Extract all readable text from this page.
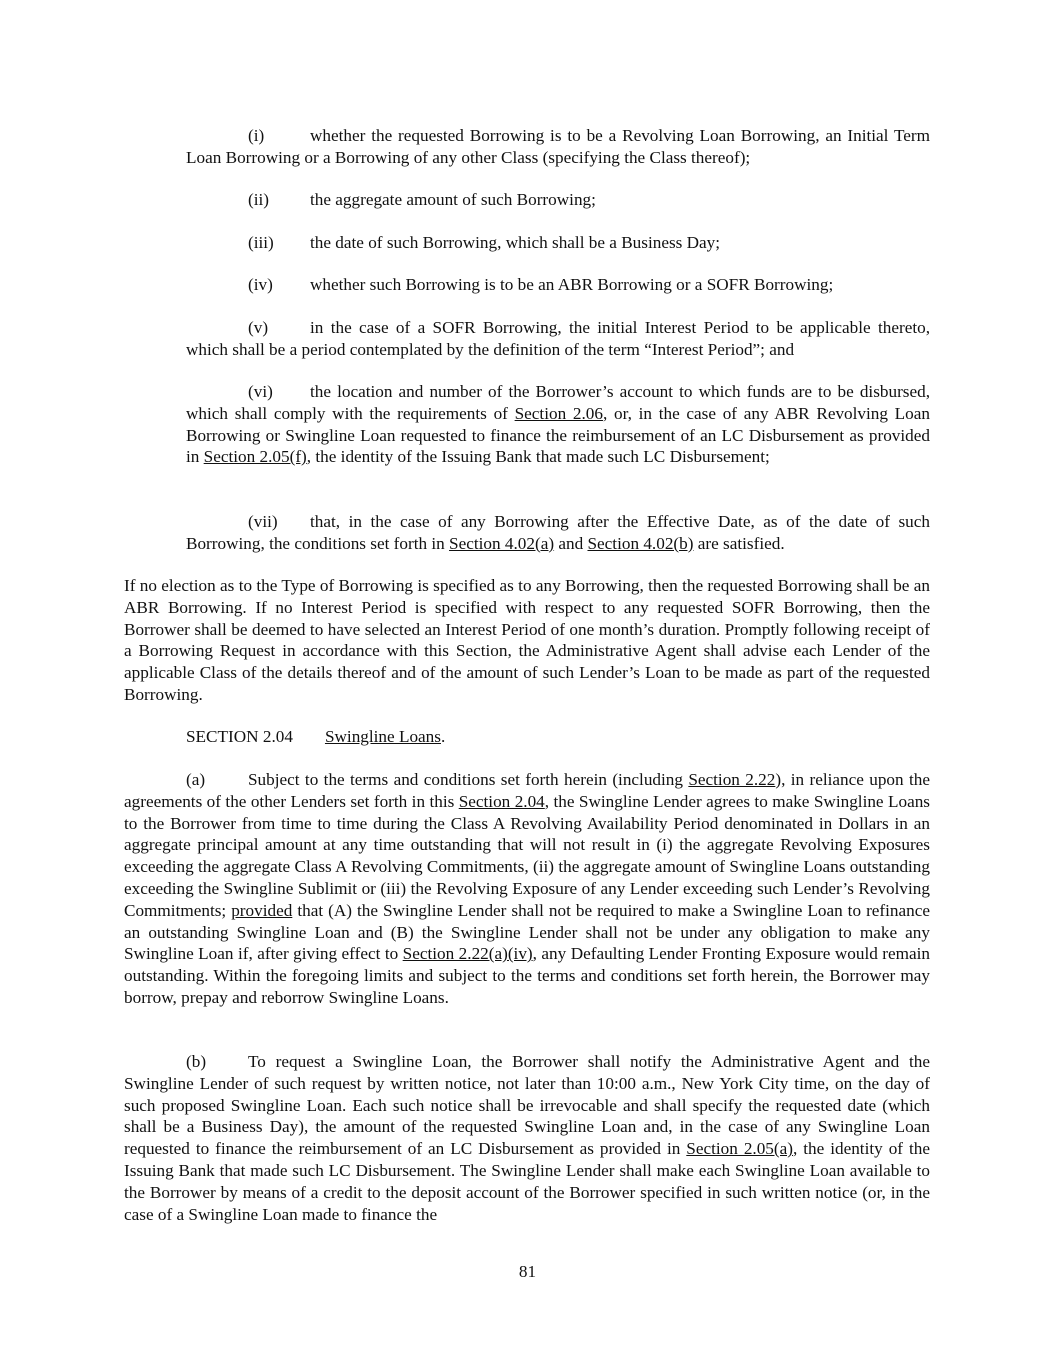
(i)	whether the requested Borrowing is to be a Revolving Loan Borrowing, an Initial Term Loan Borrowing or a Borrowing of any other Class (specifying the Class thereof);

(ii) the aggregate amount of such Borrowing;

(iii) the date of such Borrowing, which shall be a Business Day;

(iv) whether such Borrowing is to be an ABR Borrowing or a SOFR Borrowing;

(v) in the case of a SOFR Borrowing, the initial Interest Period to be applicable thereto, which shall be a period contemplated by the definition of the term “Interest Period”; and

(vi) the location and number of the Borrower’s account to which funds are to be disbursed, which shall comply with the requirements of Section 2.06, or, in the case of any ABR Revolving Loan Borrowing or Swingline Loan requested to finance the reimbursement of an LC Disbursement as provided in Section 2.05(f), the identity of the Issuing Bank that made such LC Disbursement;

(vii) that, in the case of any Borrowing after the Effective Date, as of the date of such Borrowing, the conditions set forth in Section 4.02(a) and Section 4.02(b) are satisfied.

If no election as to the Type of Borrowing is specified as to any Borrowing, then the requested Borrowing shall be an ABR Borrowing. If no Interest Period is specified with respect to any requested SOFR Borrowing, then the Borrower shall be deemed to have selected an Interest Period of one month’s duration. Promptly following receipt of a Borrowing Request in accordance with this Section, the Administrative Agent shall advise each Lender of the applicable Class of the details thereof and of the amount of such Lender’s Loan to be made as part of the requested Borrowing.

SECTION 2.04 Swingline Loans.

(a) Subject to the terms and conditions set forth herein (including Section 2.22), in reliance upon the agreements of the other Lenders set forth in this Section 2.04, the Swingline Lender agrees to make Swingline Loans to the Borrower from time to time during the Class A Revolving Availability Period denominated in Dollars in an aggregate principal amount at any time outstanding that will not result in (i) the aggregate Revolving Exposures exceeding the aggregate Class A Revolving Commitments, (ii) the aggregate amount of Swingline Loans outstanding exceeding the Swingline Sublimit or (iii) the Revolving Exposure of any Lender exceeding such Lender’s Revolving Commitments; provided that (A) the Swingline Lender shall not be required to make a Swingline Loan to refinance an outstanding Swingline Loan and (B) the Swingline Lender shall not be under any obligation to make any Swingline Loan if, after giving effect to Section 2.22(a)(iv), any Defaulting Lender Fronting Exposure would remain outstanding. Within the foregoing limits and subject to the terms and conditions set forth herein, the Borrower may borrow, prepay and reborrow Swingline Loans.

(b) To request a Swingline Loan, the Borrower shall notify the Administrative Agent and the Swingline Lender of such request by written notice, not later than 10:00 a.m., New York City time, on the day of such proposed Swingline Loan. Each such notice shall be irrevocable and shall specify the requested date (which shall be a Business Day), the amount of the requested Swingline Loan and, in the case of any Swingline Loan requested to finance the reimbursement of an LC Disbursement as provided in Section 2.05(a), the identity of the Issuing Bank that made such LC Disbursement. The Swingline Lender shall make each Swingline Loan available to the Borrower by means of a credit to the deposit account of the Borrower specified in such written notice (or, in the case of a Swingline Loan made to finance the

81
